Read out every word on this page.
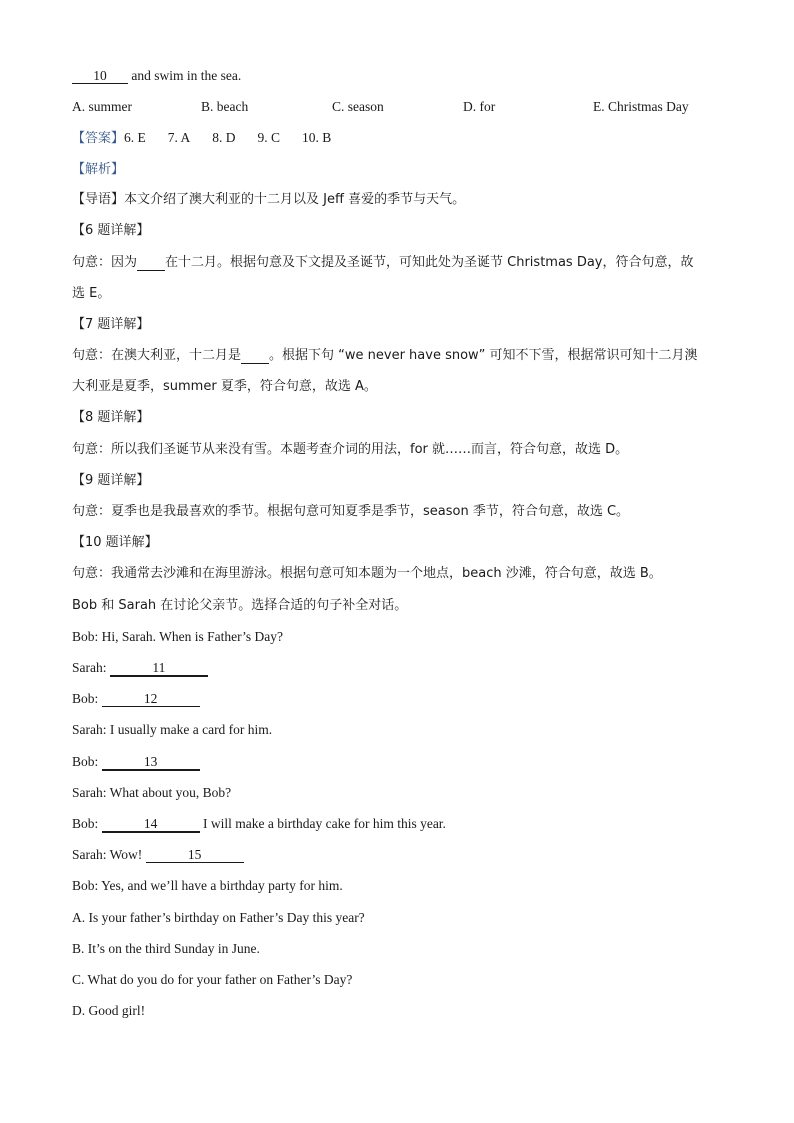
10 and swim in the sea.
A. summer	B. beach	C. season	D. for	E. Christmas Day
【答案】6. E 7. A 8. D 9. C 10. B
【解析】
【导语】本文介绍了澳大利亚的十二月以及 Jeff 喜爱的季节与天气。
【6 题详解】
句意：因为 在十二月。根据句意及下文提及圣诞节，可知此处为圣诞节 Christmas Day，符合句意，故
选 E。
【7 题详解】
句意：在澳大利亚，十二月是 。根据下句 “we never have snow” 可知不下雪，根据常识可知十二月澳
大利亚是夏季，summer 夏季，符合句意，故选 A。
【8 题详解】
句意：所以我们圣诞节从来没有雪。本题考查介词的用法，for 就……而言，符合句意，故选 D。
【9 题详解】
句意：夏季也是我最喜欢的季节。根据句意可知夏季是季节，season 季节，符合句意，故选 C。
【10 题详解】
句意：我通常去沙滩和在海里游泳。根据句意可知本题为一个地点，beach 沙滩，符合句意，故选 B。
Bob 和 Sarah 在讨论父亲节。选择合适的句子补全对话。
Bob: Hi, Sarah. When is Father’s Day?
Sarah:	11
Bob:	12
Sarah: I usually make a card for him.
Bob:	13
Sarah: What about you, Bob?
Bob:	14	I will make a birthday cake for him this year.
Sarah: Wow!	15
Bob: Yes, and we’ll have a birthday party for him.
A. Is your father’s birthday on Father’s Day this year?
B. It’s on the third Sunday in June.
C. What do you do for your father on Father’s Day?
D. Good girl!
